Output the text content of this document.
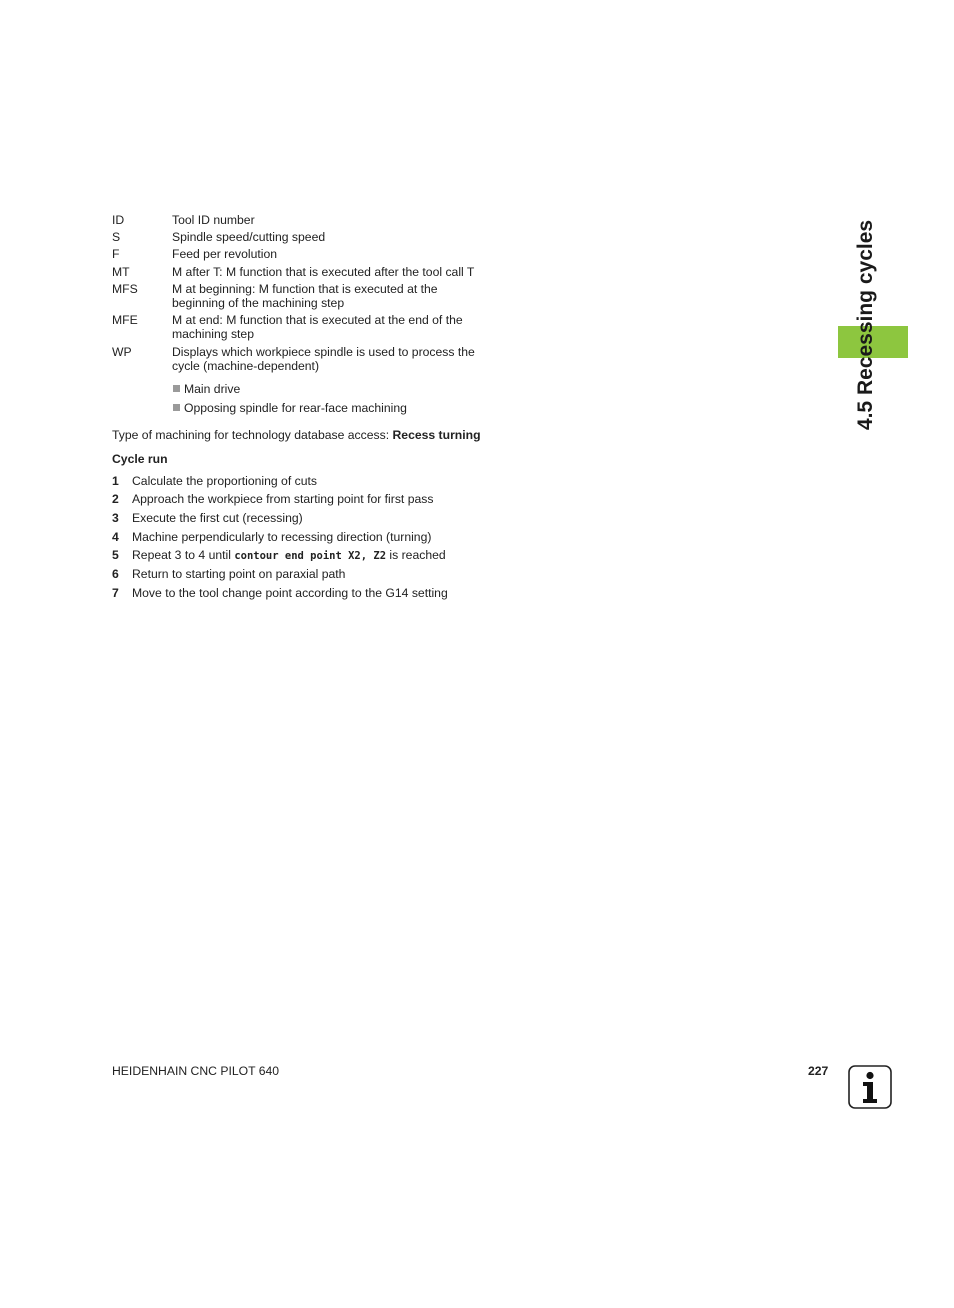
ID	Tool ID number
S	Spindle speed/cutting speed
F	Feed per revolution
MT	M after T: M function that is executed after the tool call T
MFS	M at beginning: M function that is executed at the beginning of the machining step
MFE	M at end: M function that is executed at the end of the machining step
WP	Displays which workpiece spindle is used to process the cycle (machine-dependent)
Main drive
Opposing spindle for rear-face machining
Type of machining for technology database access: Recess turning
Cycle run
1 Calculate the proportioning of cuts
2 Approach the workpiece from starting point for first pass
3 Execute the first cut (recessing)
4 Machine perpendicularly to recessing direction (turning)
5 Repeat 3 to 4 until contour end point X2, Z2 is reached
6 Return to starting point on paraxial path
7 Move to the tool change point according to the G14 setting
4.5 Recessing cycles
HEIDENHAIN CNC PILOT 640	227
